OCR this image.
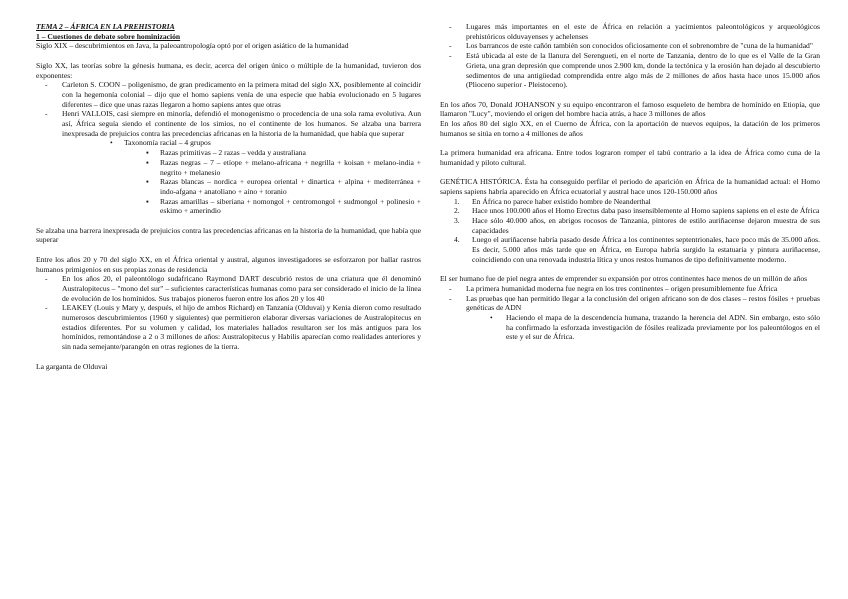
TEMA 2 – ÁFRICA EN LA PREHISTORIA

1 – Cuestiones de debate sobre hominización

Siglo XIX – descubrimientos en Java, la paleoantropología optó por el origen asiático de la humanidad

Siglo XX, las teorías sobre la génesis humana, es decir, acerca del origen único o múltiple de la humanidad, tuvieron dos exponentes:

- Carleton S. COON – poligenismo, de gran predicamento en la primera mitad del siglo XX, posiblemente al coincidir con la hegemonía colonial – dijo que el homo sapiens venía de una especie que había evolucionado en 5 lugares diferentes – dice que unas razas llegaron a homo sapiens antes que otras
- Henri VALLOIS, casi siempre en minoría, defendió el monogenismo o procedencia de una sola rama evolutiva. Aun así, África seguía siendo el continente de los simios, no el continente de los humanos. Se alzaba una barrera inexpresada de prejuicios contra las precedencias africanas en la historia de la humanidad, que había que superar
• Taxonomía racial – 4 grupos
▪ Razas primitivas – 2 razas – vedda y australiana
▪ Razas negras – 7 – etíope + melano-africana + negrilla + koisan + melano-india + negrito + melanesio
▪ Razas blancas – nordica + europea oriental + dinartica + alpina + mediterránea + indo-afgana + anatoliano + aino + toranio
▪ Razas amarillas – siberiana + nomongol + centromongol + sudmongol + polinesio + eskimo + amerindio

Se alzaba una barrera inexpresada de prejuicios contra las precedencias africanas en la historia de la humanidad, que había que superar

Entre los años 20 y 70 del siglo XX, en el África oriental y austral, algunos investigadores se esforzaron por hallar rastros humanos primigenios en sus propias zonas de residencia

- En los años 20, el paleontólogo sudafricano Raymond DART descubrió restos de una criatura que él denominó Australopitecus – "mono del sur" – suficientes características humanas como para ser considerado el inicio de la línea de evolución de los homínidos. Sus trabajos pioneros fueron entre los años 20 y los 40
- LEAKEY (Louis y Mary y, después, el hijo de ambos Richard) en Tanzania (Olduvai) y Kenia dieron como resultado numerosos descubrimientos (1960 y siguientes) que permitieron elaborar diversas variaciones de Australopitecus en estadios diferentes. Por su volumen y calidad, los materiales hallados resultaron ser los más antiguos para los homínidos, remontándose a 2 o 3 millones de años: Australopitecus y Habilis aparecían como realidades anteriores y sin nada semejante/parangón en otras regiones de la tierra.

La garganta de Olduvai

- Lugares más importantes en el este de África en relación a yacimientos paleontológicos y arqueológicos prehistóricos olduvayenses y achelenses
- Los barrancos de este cañón también son conocidos oficiosamente con el sobrenombre de "cuna de la humanidad"
- Está ubicada al este de la llanura del Serengueti, en el norte de Tanzania, dentro de lo que es el Valle de la Gran Grieta, una gran depresión que comprende unos 2.900 km, donde la tectónica y la erosión han dejado al descubierto sedimentos de una antigüedad comprendida entre algo más de 2 millones de años hasta hace unos 15.000 años (Plioceno superior - Pleistoceno).

En los años 70, Donald JOHANSON y su equipo encontraron el famoso esqueleto de hembra de homínido en Etiopía, que llamaron "Lucy", moviendo el origen del hombre hacia atrás, a hace 3 millones de años

En los años 80 del siglo XX, en el Cuerno de África, con la aportación de nuevos equipos, la datación de los primeros humanos se sitúa en torno a 4 millones de años

La primera humanidad era africana. Entre todos lograron romper el tabú contrario a la idea de África como cuna de la humanidad y piloto cultural.

GENÉTICA HISTÓRICA. Ésta ha conseguido perfilar el periodo de aparición en África de la humanidad actual: el Homo sapiens sapiens habría aparecido en África ecuatorial y austral hace unos 120-150.000 años

1. En África no parece haber existido hombre de Neanderthal
2. Hace unos 100.000 años el Homo Erectus daba paso insensiblemente al Homo sapiens sapiens en el este de África
3. Hace sólo 40.000 años, en abrigos rocosos de Tanzania, pintores de estilo auriñacense dejaron muestra de sus capacidades
4. Luego el auriñacense habría pasado desde África a los continentes septentrionales, hace poco más de 35.000 años. Es decir, 5.000 años más tarde que en África, en Europa habría surgido la estatuaria y pintura auriñacense, coincidiendo con una renovada industria lítica y unos restos humanos de tipo definitivamente moderno.

El ser humano fue de piel negra antes de emprender su expansión por otros continentes hace menos de un millón de años

- La primera humanidad moderna fue negra en los tres continentes – origen presumiblemente fue África
- Las pruebas que han permitido llegar a la conclusión del origen africano son de dos clases – restos fósiles + pruebas genéticas de ADN
• Haciendo el mapa de la descendencia humana, trazando la herencia del ADN. Sin embargo, esto sólo ha confirmado la esforzada investigación de fósiles realizada previamente por los paleontólogos en el este y el sur de África.
